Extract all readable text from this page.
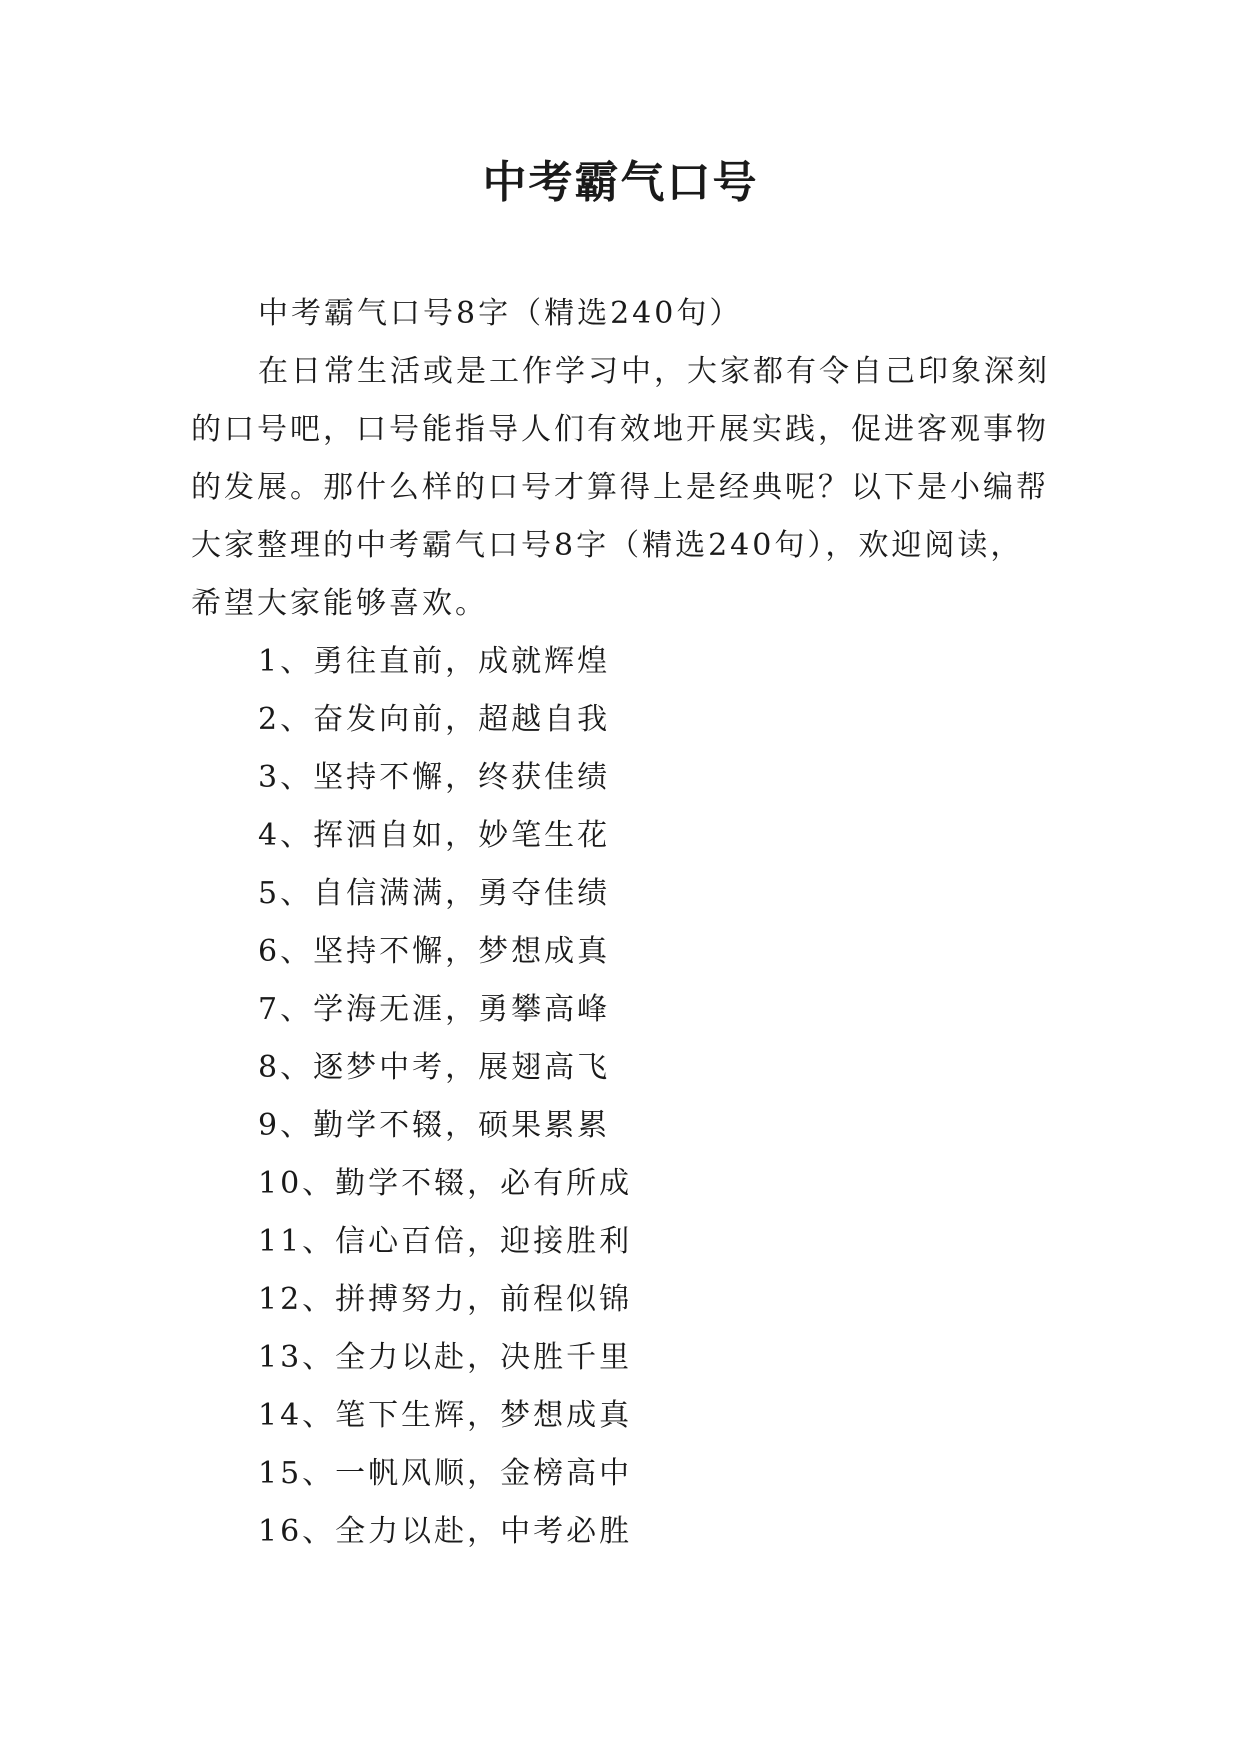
中考霸气口号

中考霸气口号8字（精选240句）

在日常生活或是工作学习中，大家都有令自己印象深刻的口号吧，口号能指导人们有效地开展实践，促进客观事物的发展。那什么样的口号才算得上是经典呢？以下是小编帮大家整理的中考霸气口号8字（精选240句），欢迎阅读，希望大家能够喜欢。

1、勇往直前，成就辉煌
2、奋发向前，超越自我
3、坚持不懈，终获佳绩
4、挥洒自如，妙笔生花
5、自信满满，勇夺佳绩
6、坚持不懈，梦想成真
7、学海无涯，勇攀高峰
8、逐梦中考，展翅高飞
9、勤学不辍，硕果累累
10、勤学不辍，必有所成
11、信心百倍，迎接胜利
12、拼搏努力，前程似锦
13、全力以赴，决胜千里
14、笔下生辉，梦想成真
15、一帆风顺，金榜高中
16、全力以赴，中考必胜
